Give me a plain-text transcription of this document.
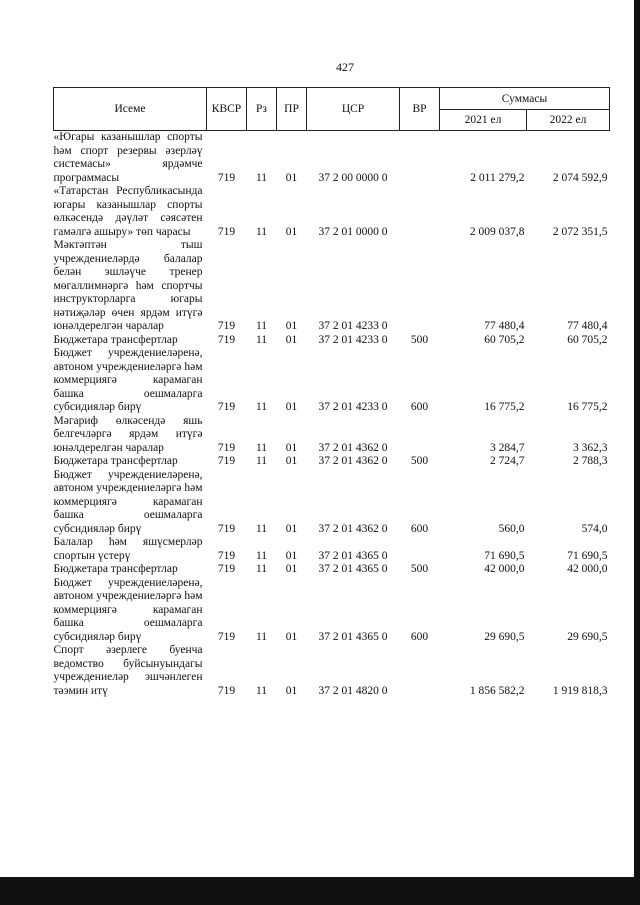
427
Исеме	КВСР	Рз	ПР	ЦСР	ВР	Суммасы	
						2021 ел	2022 ел
«Югары казанышлар спорты һәм спорт резервы әзерләү системасы» ярдәмче программасы	719	11	01	37 2 00 0000 0		2 011 279,2	2 074 592,9
«Татарстан Республикасында югары казанышлар спорты өлкәсендә дәүләт сәясәтен гамәлгә ашыру» төп чарасы	719	11	01	37 2 01 0000 0		2 009 037,8	2 072 351,5
Мәктәптән тыш учреждениеләрдә балалар белән эшләүче тренер мөгаллимнәргә һәм спортчы инструкторларга югары нәтиҗәләр өчен ярдәм итүгә юнәлдерелгән чаралар	719	11	01	37 2 01 4233 0		77 480,4	77 480,4
Бюджетара трансфертлар	719	11	01	37 2 01 4233 0	500	60 705,2	60 705,2
Бюджет учреждениеләренә, автоном учреждениеләргә һәм коммерциягә карамаган башка оешмаларга субсидияләр бирү	719	11	01	37 2 01 4233 0	600	16 775,2	16 775,2
Мәгариф өлкәсендә яшь белгечләргә ярдәм итүгә юнәлдерелгән чаралар	719	11	01	37 2 01 4362 0		3 284,7	3 362,3
Бюджетара трансфертлар	719	11	01	37 2 01 4362 0	500	2 724,7	2 788,3
Бюджет учреждениеләренә, автоном учреждениеләргә һәм коммерциягә карамаган башка оешмаларга субсидияләр бирү	719	11	01	37 2 01 4362 0	600	560,0	574,0
Балалар һәм яшүсмерләр спортын үстерү	719	11	01	37 2 01 4365 0		71 690,5	71 690,5
Бюджетара трансфертлар	719	11	01	37 2 01 4365 0	500	42 000,0	42 000,0
Бюджет учреждениеләренә, автоном учреждениеләргә һәм коммерциягә карамаган башка оешмаларга субсидияләр бирү	719	11	01	37 2 01 4365 0	600	29 690,5	29 690,5
Спорт әзерлеге буенча ведомство буйсынуындагы учреждениеләр эшчәнлеген тәэмин итү	719	11	01	37 2 01 4820 0		1 856 582,2	1 919 818,3
